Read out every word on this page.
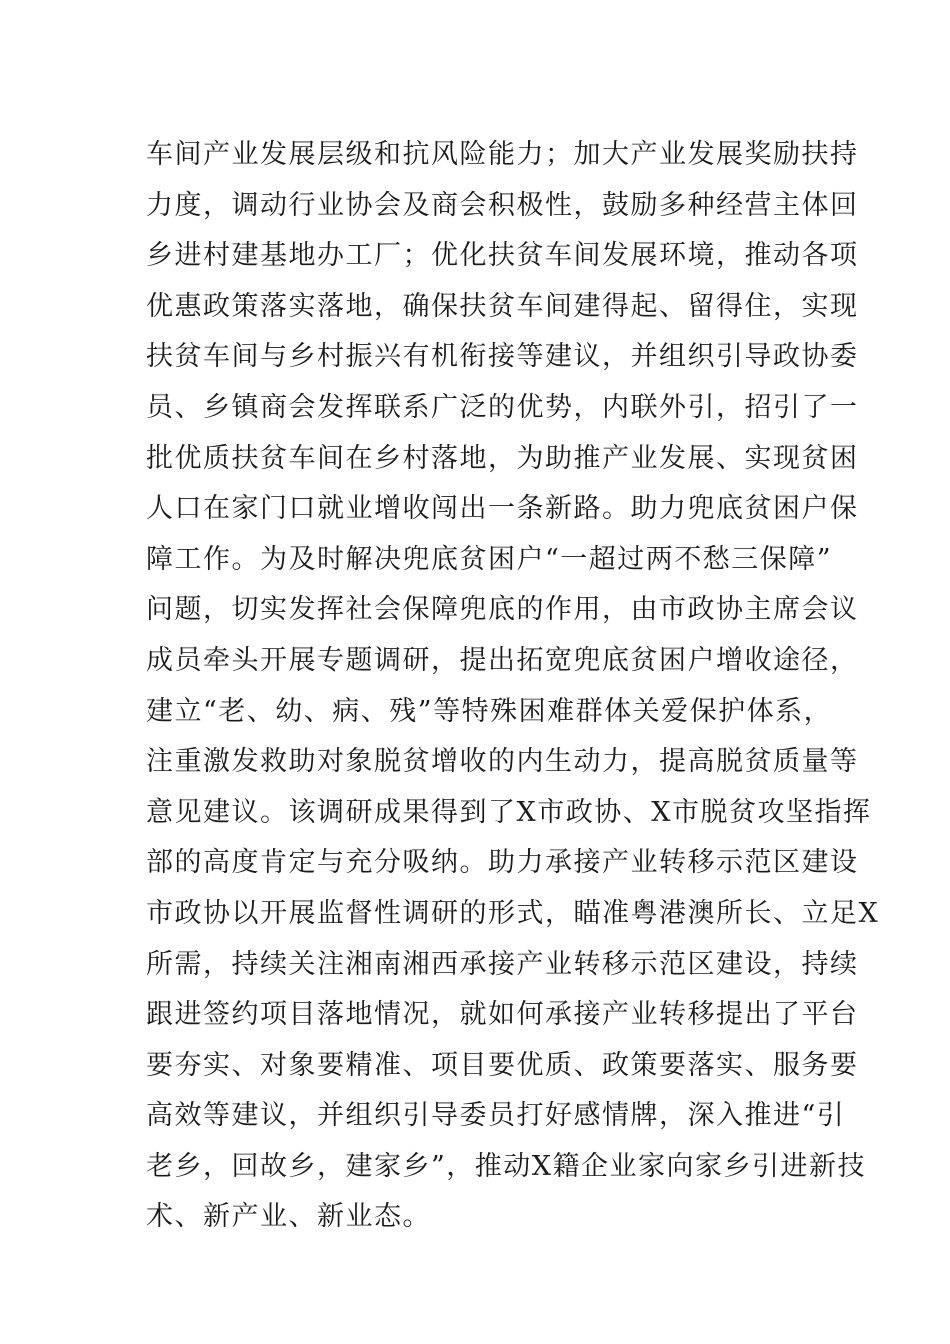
车间产业发展层级和抗风险能力；加大产业发展奖励扶持
力度，调动行业协会及商会积极性，鼓励多种经营主体回
乡进村建基地办工厂；优化扶贫车间发展环境，推动各项
优惠政策落实落地，确保扶贫车间建得起、留得住，实现
扶贫车间与乡村振兴有机衔接等建议，并组织引导政协委
员、乡镇商会发挥联系广泛的优势，内联外引，招引了一
批优质扶贫车间在乡村落地，为助推产业发展、实现贫困
人口在家门口就业增收闯出一条新路。助力兜底贫困户保
障工作。为及时解决兜底贫困户“一超过两不愁三保障”
问题，切实发挥社会保障兜底的作用，由市政协主席会议
成员牵头开展专题调研，提出拓宽兜底贫困户增收途径，
建立“老、幼、病、残”等特殊困难群体关爱保护体系，
注重激发救助对象脱贫增收的内生动力，提高脱贫质量等
意见建议。该调研成果得到了X市政协、X市脱贫攻坚指挥
部的高度肯定与充分吸纳。助力承接产业转移示范区建设
市政协以开展监督性调研的形式，瞄准粤港澳所长、立足X
所需，持续关注湘南湘西承接产业转移示范区建设，持续
跟进签约项目落地情况，就如何承接产业转移提出了平台
要夯实、对象要精准、项目要优质、政策要落实、服务要
高效等建议，并组织引导委员打好感情牌，深入推进“引
老乡，回故乡，建家乡”，推动X籍企业家向家乡引进新技
术、新产业、新业态。
